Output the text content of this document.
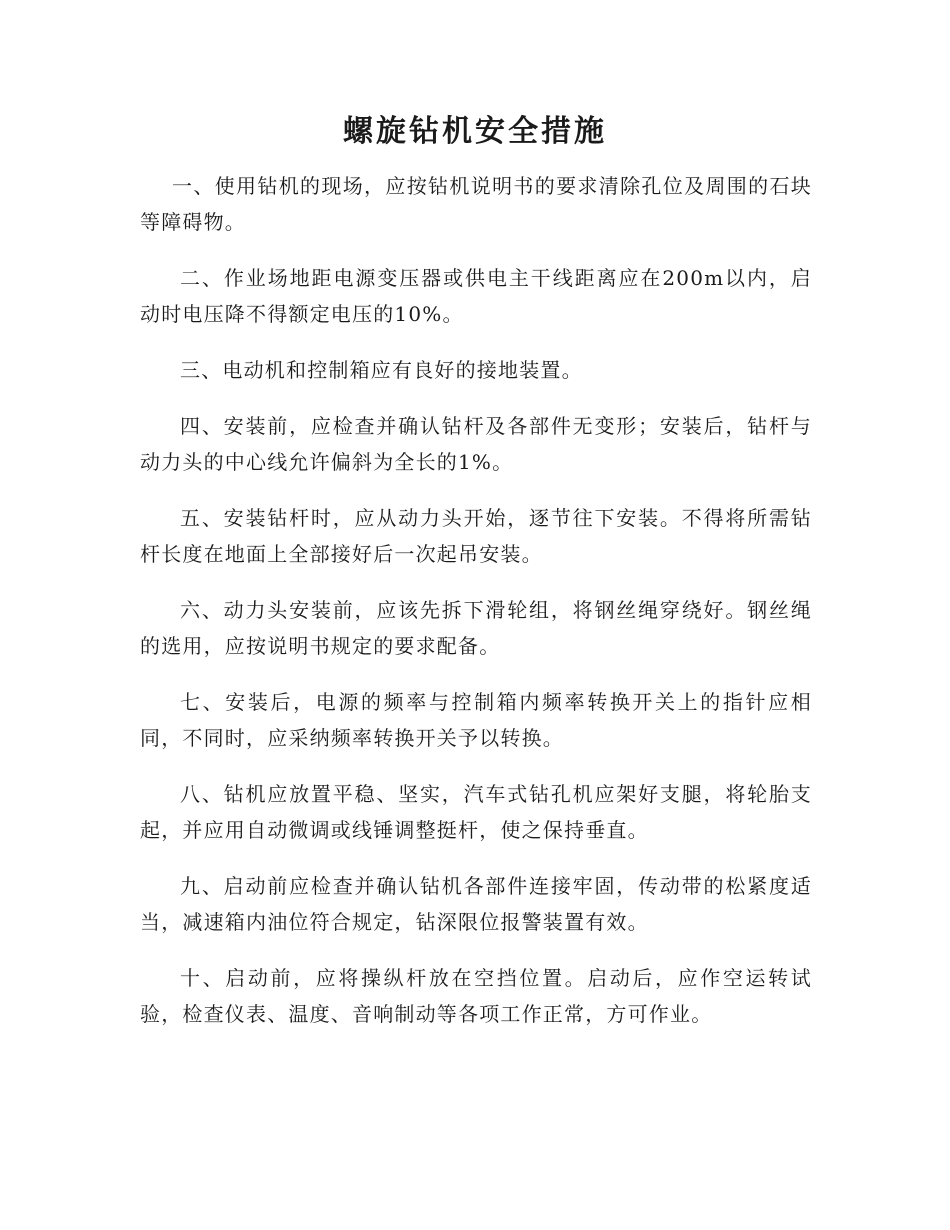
螺旋钻机安全措施

一、使用钻机的现场，应按钻机说明书的要求清除孔位及周围的石块等障碍物。

二、作业场地距电源变压器或供电主干线距离应在200m以内，启动时电压降不得额定电压的10%。

三、电动机和控制箱应有良好的接地装置。

四、安装前，应检查并确认钻杆及各部件无变形；安装后，钻杆与动力头的中心线允许偏斜为全长的1%。

五、安装钻杆时，应从动力头开始，逐节往下安装。不得将所需钻杆长度在地面上全部接好后一次起吊安装。

六、动力头安装前，应该先拆下滑轮组，将钢丝绳穿绕好。钢丝绳的选用，应按说明书规定的要求配备。

七、安装后，电源的频率与控制箱内频率转换开关上的指针应相同，不同时，应采纳频率转换开关予以转换。

八、钻机应放置平稳、坚实，汽车式钻孔机应架好支腿，将轮胎支起，并应用自动微调或线锤调整挺杆，使之保持垂直。

九、启动前应检查并确认钻机各部件连接牢固，传动带的松紧度适当，减速箱内油位符合规定，钻深限位报警装置有效。

十、启动前，应将操纵杆放在空挡位置。启动后，应作空运转试验，检查仪表、温度、音响制动等各项工作正常，方可作业。
